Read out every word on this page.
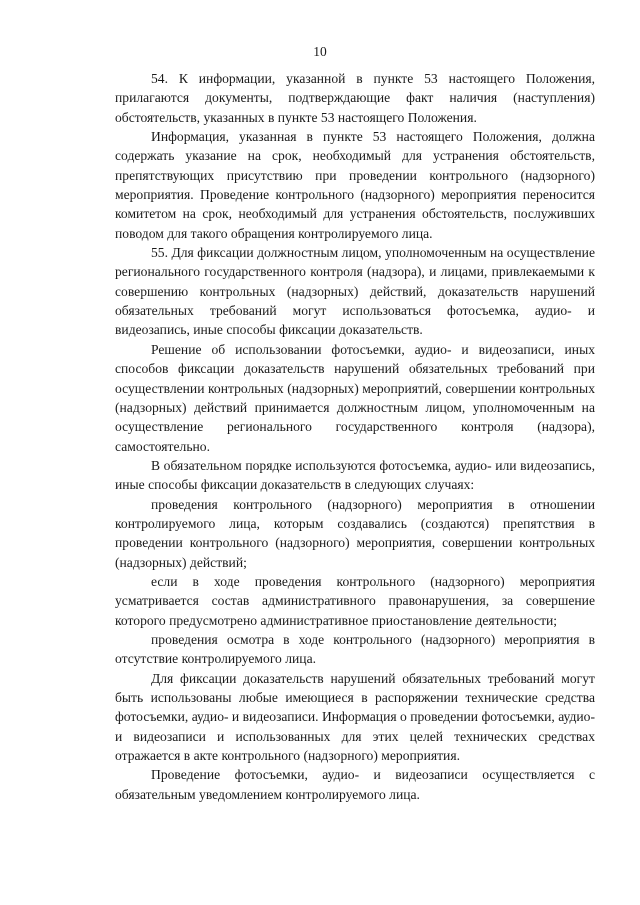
10

54. К информации, указанной в пункте 53 настоящего Положения, прилагаются документы, подтверждающие факт наличия (наступления) обстоятельств, указанных в пункте 53 настоящего Положения.

Информация, указанная в пункте 53 настоящего Положения, должна содержать указание на срок, необходимый для устранения обстоятельств, препятствующих присутствию при проведении контрольного (надзорного) мероприятия. Проведение контрольного (надзорного) мероприятия переносится комитетом на срок, необходимый для устранения обстоятельств, послуживших поводом для такого обращения контролируемого лица.

55. Для фиксации должностным лицом, уполномоченным на осуществление регионального государственного контроля (надзора), и лицами, привлекаемыми к совершению контрольных (надзорных) действий, доказательств нарушений обязательных требований могут использоваться фотосъемка, аудио- и видеозапись, иные способы фиксации доказательств.

Решение об использовании фотосъемки, аудио- и видеозаписи, иных способов фиксации доказательств нарушений обязательных требований при осуществлении контрольных (надзорных) мероприятий, совершении контрольных (надзорных) действий принимается должностным лицом, уполномоченным на осуществление регионального государственного контроля (надзора), самостоятельно.

В обязательном порядке используются фотосъемка, аудио- или видеозапись, иные способы фиксации доказательств в следующих случаях:

проведения контрольного (надзорного) мероприятия в отношении контролируемого лица, которым создавались (создаются) препятствия в проведении контрольного (надзорного) мероприятия, совершении контрольных (надзорных) действий;

если в ходе проведения контрольного (надзорного) мероприятия усматривается состав административного правонарушения, за совершение которого предусмотрено административное приостановление деятельности;

проведения осмотра в ходе контрольного (надзорного) мероприятия в отсутствие контролируемого лица.

Для фиксации доказательств нарушений обязательных требований могут быть использованы любые имеющиеся в распоряжении технические средства фотосъемки, аудио- и видеозаписи. Информация о проведении фотосъемки, аудио- и видеозаписи и использованных для этих целей технических средствах отражается в акте контрольного (надзорного) мероприятия.

Проведение фотосъемки, аудио- и видеозаписи осуществляется с обязательным уведомлением контролируемого лица.
